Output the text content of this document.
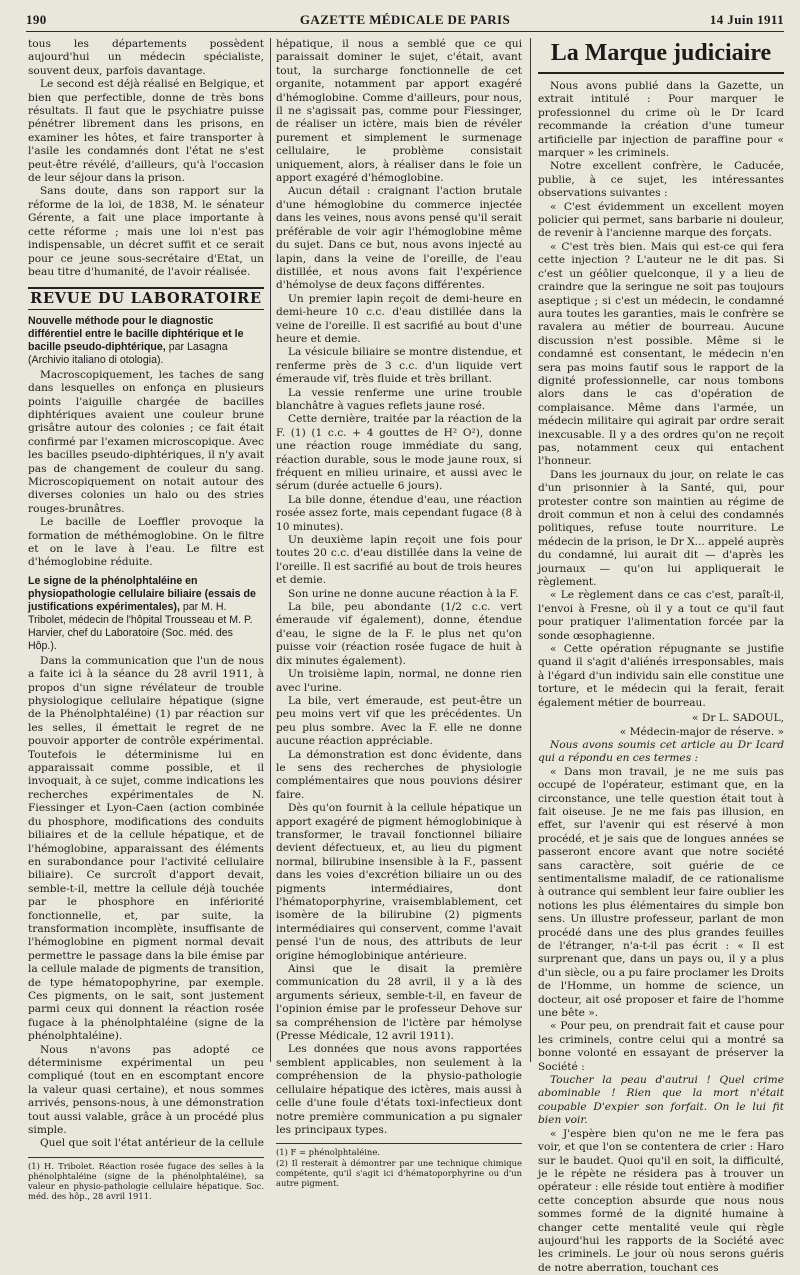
190	GAZETTE MÉDICALE DE PARIS	14 Juin 1911

tous les départements possèdent aujourd'hui un médecin spécialiste, souvent deux, parfois davantage.

Le second est déjà réalisé en Belgique, et bien que perfectible, donne de très bons résultats. Il faut que le psychiatre puisse pénétrer librement dans les prisons, en examiner les hôtes, et faire transporter à l'asile les condamnés dont l'état ne s'est peut-être révélé, d'ailleurs, qu'à l'occasion de leur séjour dans la prison.

Sans doute, dans son rapport sur la réforme de la loi, de 1838, M. le sénateur Gérente, a fait une place importante à cette réforme ; mais une loi n'est pas indispensable, un décret suffit et ce serait pour ce jeune sous-secrétaire d'Etat, un beau titre d'humanité, de l'avoir réalisée.

REVUE DU LABORATOIRE
Nouvelle méthode pour le diagnostic différentiel entre le bacille diphtérique et le bacille pseudo-diphtérique, par Lasagna (Archivio italiano di otologia).

Macroscopiquement, les taches de sang dans lesquelles on enfonça en plusieurs points l'aiguille chargée de bacilles diphtériques avaient une couleur brune grisâtre autour des colonies ; ce fait était confirmé par l'examen microscopique. Avec les bacilles pseudo-diphtériques, il n'y avait pas de changement de couleur du sang. Microscopiquement on notait autour des diverses colonies un halo ou des stries rouges-brunâtres.

Le bacille de Loeffler provoque la formation de méthémoglobine. On le filtre et on le lave à l'eau. Le filtre est d'hémoglobine réduite.

Le signe de la phénolphtaléine en physiopathologie cellulaire biliaire (essais de justifications expérimentales), par M. H. Tribolet, médecin de l'hôpital Trousseau et M. P. Harvier, chef du Laboratoire (Soc. méd. des Hôp.).

Dans la communication que l'un de nous a faite ici à la séance du 28 avril 1911, à propos d'un signe révélateur de trouble physiologique cellulaire hépatique (signe de la Phénolphtaléine) (1) par réaction sur les selles, il émettait le regret de ne pouvoir apporter de contrôle expérimental. Toutefois le déterminisme lui en apparaissait comme possible, et il invoquait, à ce sujet, comme indications les recherches expérimentales de N. Fiessinger et Lyon-Caen (action combinée du phosphore, modifications des conduits biliaires et de la cellule hépatique, et de l'hémoglobine, apparaissant des éléments en surabondance pour l'activité cellulaire biliaire). Ce surcroît d'apport devait, semble-t-il, mettre la cellule déjà touchée par le phosphore en infériorité fonctionnelle, et, par suite, la transformation incomplète, insuffisante de l'hémoglobine en pigment normal devait permettre le passage dans la bile émise par la cellule malade de pigments de transition, de type hématopophyrine, par exemple. Ces pigments, on le sait, sont justement parmi ceux qui donnent la réaction rosée fugace à la phénolphtaléine (signe de la phénolphtaléine).

Nous n'avons pas adopté ce déterminisme expérimental un peu compliqué (tout en en escomptant encore la valeur quasi certaine), et nous sommes arrivés, pensons-nous, à une démonstration tout aussi valable, grâce à un procédé plus simple.

Quel que soit l'état antérieur de la cellule

(1) H. Tribolet. Réaction rosée fugace des selles à la phénolphtaléine (signe de la phénolphtaléine), sa valeur en physio-pathologie cellulaire hépatique. Soc. méd. des hôp., 28 avril 1911.

hépatique, il nous a semblé que ce qui paraissait dominer le sujet, c'était, avant tout, la surcharge fonctionnelle de cet organite, notamment par apport exagéré d'hémoglobine. Comme d'ailleurs, pour nous, il ne s'agissait pas, comme pour Fiessinger, de réaliser un ictère, mais bien de révéler purement et simplement le surmenage cellulaire, le problème consistait uniquement, alors, à réaliser dans le foie un apport exagéré d'hémoglobine.

Aucun détail : craignant l'action brutale d'une hémoglobine du commerce injectée dans les veines, nous avons pensé qu'il serait préférable de voir agir l'hémoglobine même du sujet. Dans ce but, nous avons injecté au lapin, dans la veine de l'oreille, de l'eau distillée, et nous avons fait l'expérience d'hémolyse de deux façons différentes.

Un premier lapin reçoit de demi-heure en demi-heure 10 c.c. d'eau distillée dans la veine de l'oreille. Il est sacrifié au bout d'une heure et demie.

La vésicule biliaire se montre distendue, et renferme près de 3 c.c. d'un liquide vert émeraude vif, très fluide et très brillant.

La vessie renferme une urine trouble blanchâtre à vagues reflets jaune rosé.

Cette dernière, traitée par la réaction de la F. (1) (1 c.c. + 4 gouttes de H² O²), donne une réaction rouge immédiate du sang, réaction durable, sous le mode jaune roux, si fréquent en milieu urinaire, et aussi avec le sérum (durée actuelle 6 jours).

La bile donne, étendue d'eau, une réaction rosée assez forte, mais cependant fugace (8 à 10 minutes).

Un deuxième lapin reçoit une fois pour toutes 20 c.c. d'eau distillée dans la veine de l'oreille. Il est sacrifié au bout de trois heures et demie.

Son urine ne donne aucune réaction à la F.

La bile, peu abondante (1/2 c.c. vert émeraude vif également), donne, étendue d'eau, le signe de la F. le plus net qu'on puisse voir (réaction rosée fugace de huit à dix minutes également).

Un troisième lapin, normal, ne donne rien avec l'urine.

La bile, vert émeraude, est peut-être un peu moins vert vif que les précédentes. Un peu plus sombre. Avec la F. elle ne donne aucune réaction appréciable.

La démonstration est donc évidente, dans le sens des recherches de physiologie complémentaires que nous pouvions désirer faire.

Dès qu'on fournit à la cellule hépatique un apport exagéré de pigment hémoglobinique à transformer, le travail fonctionnel biliaire devient défectueux, et, au lieu du pigment normal, bilirubine insensible à la F., passent dans les voies d'excrétion biliaire un ou des pigments intermédiaires, dont l'hématoporphyrine, vraisemblablement, cet isomère de la bilirubine (2) pigments intermédiaires qui conservent, comme l'avait pensé l'un de nous, des attributs de leur origine hémoglobinique antérieure.

Ainsi que le disait la première communication du 28 avril, il y a là des arguments sérieux, semble-t-il, en faveur de l'opinion émise par le professeur Dehove sur sa compréhension de l'ictère par hémolyse (Presse Médicale, 12 avril 1911).

Les données que nous avons rapportées semblent applicables, non seulement à la compréhension de la physio-pathologie cellulaire hépatique des ictères, mais aussi à celle d'une foule d'états toxi-infectieux dont notre première communication a pu signaler les principaux types.

(1) F = phénolphtaléine.

(2) Il resterait à démontrer par une technique chimique compétente, qu'il s'agit ici d'hématoporphyrine ou d'un autre pigment.

La Marque judiciaire

Nous avons publié dans la Gazette, un extrait intitulé : Pour marquer le professionnel du crime où le Dr Icard recommande la création d'une tumeur artificielle par injection de paraffine pour « marquer » les criminels.

Notre excellent confrère, le Caducée, publie, à ce sujet, les intéressantes observations suivantes :

« C'est évidemment un excellent moyen policier qui permet, sans barbarie ni douleur, de revenir à l'ancienne marque des forçats.

« C'est très bien. Mais qui est-ce qui fera cette injection ? L'auteur ne le dit pas. Si c'est un géôlier quelconque, il y a lieu de craindre que la seringue ne soit pas toujours aseptique ; si c'est un médecin, le condamné aura toutes les garanties, mais le confrère se ravalera au métier de bourreau. Aucune discussion n'est possible. Même si le condamné est consentant, le médecin n'en sera pas moins fautif sous le rapport de la dignité professionnelle, car nous tombons alors dans le cas d'opération de complaisance. Même dans l'armée, un médecin militaire qui agirait par ordre serait inexcusable. Il y a des ordres qu'on ne reçoit pas, notamment ceux qui entachent l'honneur.

Dans les journaux du jour, on relate le cas d'un prisonnier à la Santé, qui, pour protester contre son maintien au régime de droit commun et non à celui des condamnés politiques, refuse toute nourriture. Le médecin de la prison, le Dr X... appelé auprès du condamné, lui aurait dit — d'après les journaux — qu'on lui appliquerait le règlement.

« Le règlement dans ce cas c'est, paraît-il, l'envoi à Fresne, où il y a tout ce qu'il faut pour pratiquer l'alimentation forcée par la sonde œsophagienne.

« Cette opération répugnante se justifie quand il s'agit d'aliénés irresponsables, mais à l'égard d'un individu sain elle constitue une torture, et le médecin qui la ferait, ferait également métier de bourreau.

« Dr L. SADOUL,

« Médecin-major de réserve. »

Nous avons soumis cet article au Dr Icard qui a répondu en ces termes :

« Dans mon travail, je ne me suis pas occupé de l'opérateur, estimant que, en la circonstance, une telle question était tout à fait oiseuse. Je ne me fais pas illusion, en effet, sur l'avenir qui est réservé à mon procédé, et je sais que de longues années se passeront encore avant que notre société sans caractère, soit guérie de ce sentimentalisme maladif, de ce rationalisme à outrance qui semblent leur faire oublier les notions les plus élémentaires du simple bon sens. Un illustre professeur, parlant de mon procédé dans une des plus grandes feuilles de l'étranger, n'a-t-il pas écrit : « Il est surprenant que, dans un pays ou, il y a plus d'un siècle, ou a pu faire proclamer les Droits de l'Homme, un homme de science, un docteur, ait osé proposer et faire de l'homme une bête ».

« Pour peu, on prendrait fait et cause pour les criminels, contre celui qui a montré sa bonne volonté en essayant de préserver la Société :

Toucher la peau d'autrui ! Quel crime abominable ! Rien que la mort n'était coupable D'expier son forfait. On le lui fit bien voir.

« J'espère bien qu'on ne me le fera pas voir, et que l'on se contentera de crier : Haro sur le baudet. Quoi qu'il en soit, la difficulté, je le répète ne résidera pas à trouver un opérateur : elle réside tout entière à modifier cette conception absurde que nous nous sommes formé de la dignité humaine à changer cette mentalité veule qui règle aujourd'hui les rapports de la Société avec les criminels. Le jour où nous serons guéris de notre aberration, touchant ces
